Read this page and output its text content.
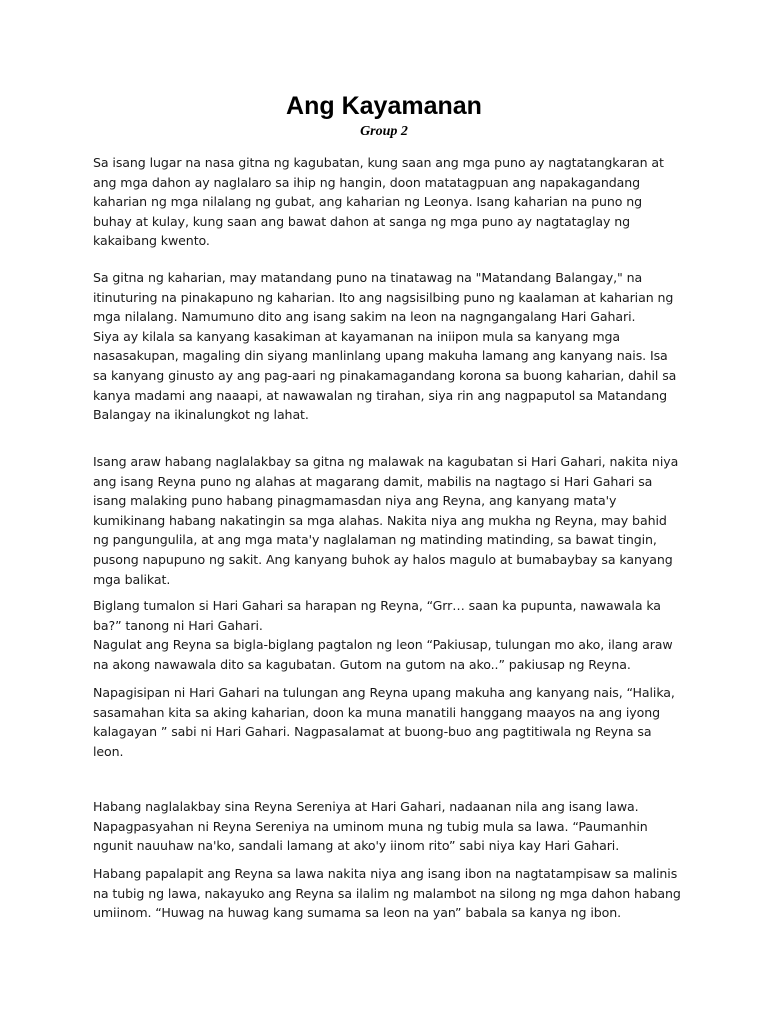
Ang Kayamanan
Group 2

Sa isang lugar na nasa gitna ng kagubatan, kung saan ang mga puno ay nagtatangkaran at
ang mga dahon ay naglalaro sa ihip ng hangin, doon matatagpuan ang napakagandang
kaharian ng mga nilalang ng gubat, ang kaharian ng Leonya. Isang kaharian na puno ng
buhay at kulay, kung saan ang bawat dahon at sanga ng mga puno ay nagtataglay ng
kakaibang kwento.

Sa gitna ng kaharian, may matandang puno na tinatawag na "Matandang Balangay," na
itinuturing na pinakapuno ng kaharian. Ito ang nagsisilbing puno ng kaalaman at kaharian ng
mga nilalang. Namumuno dito ang isang sakim na leon na nagngangalang Hari Gahari.
Siya ay kilala sa kanyang kasakiman at kayamanan na iniipon mula sa kanyang mga
nasasakupan, magaling din siyang manlinlang upang makuha lamang ang kanyang nais. Isa
sa kanyang ginusto ay ang pag-aari ng pinakamagandang korona sa buong kaharian, dahil sa
kanya madami ang naaapi, at nawawalan ng tirahan, siya rin ang nagpaputol sa Matandang
Balangay na ikinalungkot ng lahat.

Isang araw habang naglalakbay sa gitna ng malawak na kagubatan si Hari Gahari, nakita niya
ang isang Reyna puno ng alahas at magarang damit, mabilis na nagtago si Hari Gahari sa
isang malaking puno habang pinagmamasdan niya ang Reyna, ang kanyang mata'y
kumikinang habang nakatingin sa mga alahas. Nakita niya ang mukha ng Reyna, may bahid
ng pangungulila, at ang mga mata'y naglalaman ng matinding matinding, sa bawat tingin,
pusong napupuno ng sakit. Ang kanyang buhok ay halos magulo at bumabaybay sa kanyang
mga balikat.

Biglang tumalon si Hari Gahari sa harapan ng Reyna, “Grr… saan ka pupunta, nawawala ka
ba?” tanong ni Hari Gahari.
Nagulat ang Reyna sa bigla-biglang pagtalon ng leon “Pakiusap, tulungan mo ako, ilang araw
na akong nawawala dito sa kagubatan. Gutom na gutom na ako..” pakiusap ng Reyna.

Napagisipan ni Hari Gahari na tulungan ang Reyna upang makuha ang kanyang nais, “Halika,
sasamahan kita sa aking kaharian, doon ka muna manatili hanggang maayos na ang iyong
kalagayan ” sabi ni Hari Gahari. Nagpasalamat at buong-buo ang pagtitiwala ng Reyna sa
leon.

Habang naglalakbay sina Reyna Sereniya at Hari Gahari, nadaanan nila ang isang lawa.
Napagpasyahan ni Reyna Sereniya na uminom muna ng tubig mula sa lawa. “Paumanhin
ngunit nauuhaw na'ko, sandali lamang at ako'y iinom rito” sabi niya kay Hari Gahari.

Habang papalapit ang Reyna sa lawa nakita niya ang isang ibon na nagtatampisaw sa malinis
na tubig ng lawa, nakayuko ang Reyna sa ilalim ng malambot na silong ng mga dahon habang
umiinom. “Huwag na huwag kang sumama sa leon na yan” babala sa kanya ng ibon.
